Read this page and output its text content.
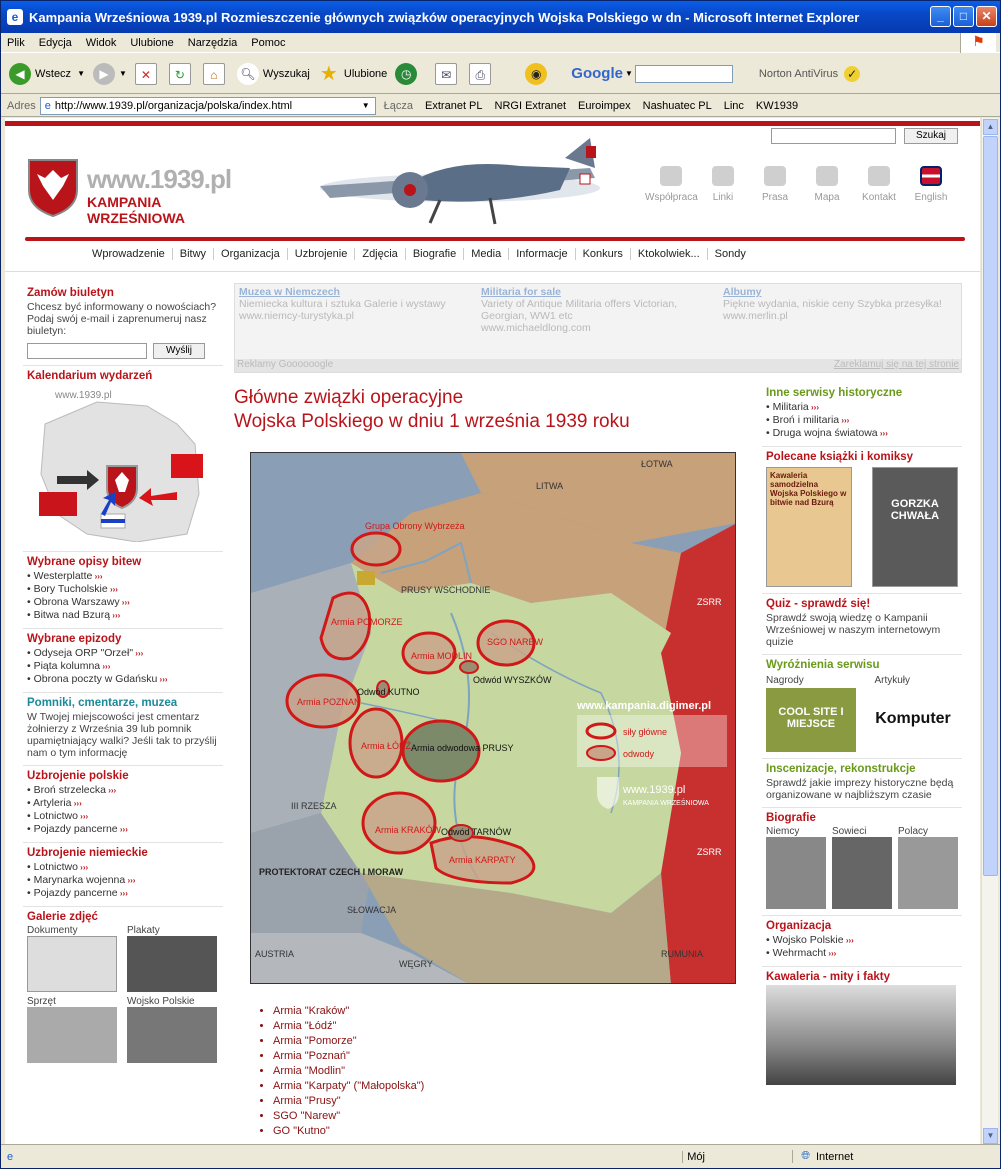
e Kampania Wrześniowa 1939.pl Rozmieszczenie głównych związków operacyjnych Wojska Polskiego w dn - Microsoft Internet Explorer	_	□	✕
Plik Edycja Widok Ulubione Narzędzia Pomoc	⚑
◀ Wstecz ▼	▶	▼	✕	↻	⌂	🔍︎ Wyszukaj ★ Ulubione	◷	✉	⎙	◉	Google ▼	Norton AntiVirus ✓
Adres e http://www.1939.pl/organizacja/polska/index.html	▼ Łącza Extranet PL NRGI Extranet Euroimpex Nashuatec PL Linc KW1939
Szukaj
www.1939.pl
KAMPANIA WRZEŚNIOWA
Współpraca	Linki	Prasa	Mapa	Kontakt	English
Wprowadzenie	Bitwy	Organizacja	Uzbrojenie	Zdjęcia	Biografie	Media	Informacje	Konkurs	Ktokolwiek...	Sondy
Zamów biuletyn

Chcesz być informowany o nowościach? Podaj swój e-mail i zaprenumeruj nasz biuletyn:

Wyślij
Kalendarium wydarzeń
www.1939.pl
Wybrane opisy bitew
• Westerplatte ›››
• Bory Tucholskie ›››
• Obrona Warszawy ›››
• Bitwa nad Bzurą ›››
Wybrane epizody
• Odyseja ORP "Orzeł" ›››
• Piąta kolumna ›››
• Obrona poczty w Gdańsku ›››
Pomniki, cmentarze, muzea

W Twojej miejscowości jest cmentarz żołnierzy z Września 39 lub pomnik upamiętniający walki? Jeśli tak to przyślij nam o tym informację

Uzbrojenie polskie
• Broń strzelecka ›››
• Artyleria ›››
• Lotnictwo ›››
• Pojazdy pancerne ›››
Uzbrojenie niemieckie
• Lotnictwo ›››
• Marynarka wojenna ›››
• Pojazdy pancerne ›››
Galerie zdjęć
Dokumenty	Plakaty
Sprzęt	Wojsko Polskie
Muzea w Niemczech
Niemiecka kultura i sztuka Galerie i wystawy
www.niemcy-turystyka.pl
Militaria for sale
Variety of Antique Militaria offers Victorian, Georgian, WW1 etc
www.michaeldlong.com
Albumy
Piękne wydania, niskie ceny Szybka przesyłka!
www.merlin.pl
Reklamy Goooooogle	Zareklamuj się na tej stronie
Główne związki operacyjne
Wojska Polskiego w dniu 1 września 1939 roku
ŁOTWA
LITWA
PRUSY WSCHODNIE
ZSRR
ZSRR
III RZESZA
PROTEKTORAT CZECH I MORAW
SŁOWACJA
AUSTRIA
WĘGRY
RUMUNIA
Grupa Obrony Wybrzeża
Armia POMORZE
Armia MODLIN
SGO NAREW
Armia POZNAŃ
Odwód KUTNO
Odwód WYSZKÓW
Armia ŁÓDŹ Armia odwodowa PRUSY
Armia KRAKÓW Odwód TARNÓW
Armia KARPATY
www.kampania.digimer.pl
siły główne
odwody
www.1939.pl
KAMPANIA WRZEŚNIOWA
• Armia "Kraków"
• Armia "Łódź"
• Armia "Pomorze"
• Armia "Poznań"
• Armia "Modlin"
• Armia "Karpaty" ("Małopolska")
• Armia "Prusy"
• SGO "Narew"
• GO "Kutno"
Inne serwisy historyczne
• Militaria ›››
• Broń i militaria ›››
• Druga wojna światowa ›››
Polecane książki i komiksy
Kawaleria samodzielna Wojska Polskiego w bitwie nad Bzurą	GORZKA CHWAŁA
Quiz - sprawdź się!

Sprawdź swoją wiedzę o Kampanii Wrześniowej w naszym internetowym quizie

Wyróżnienia serwisu
Nagrody	Artykuły
COOL SITE I MIEJSCE	Komputer
Inscenizacje, rekonstrukcje

Sprawdź jakie imprezy historyczne będą organizowane w najbliższym czasie

Biografie
Niemcy	Sowieci	Polacy
Organizacja
• Wojsko Polskie ›››
• Wehrmacht ›››
Kawaleria - mity i fakty
▲
▼
e	Mój	🌐︎ Internet
